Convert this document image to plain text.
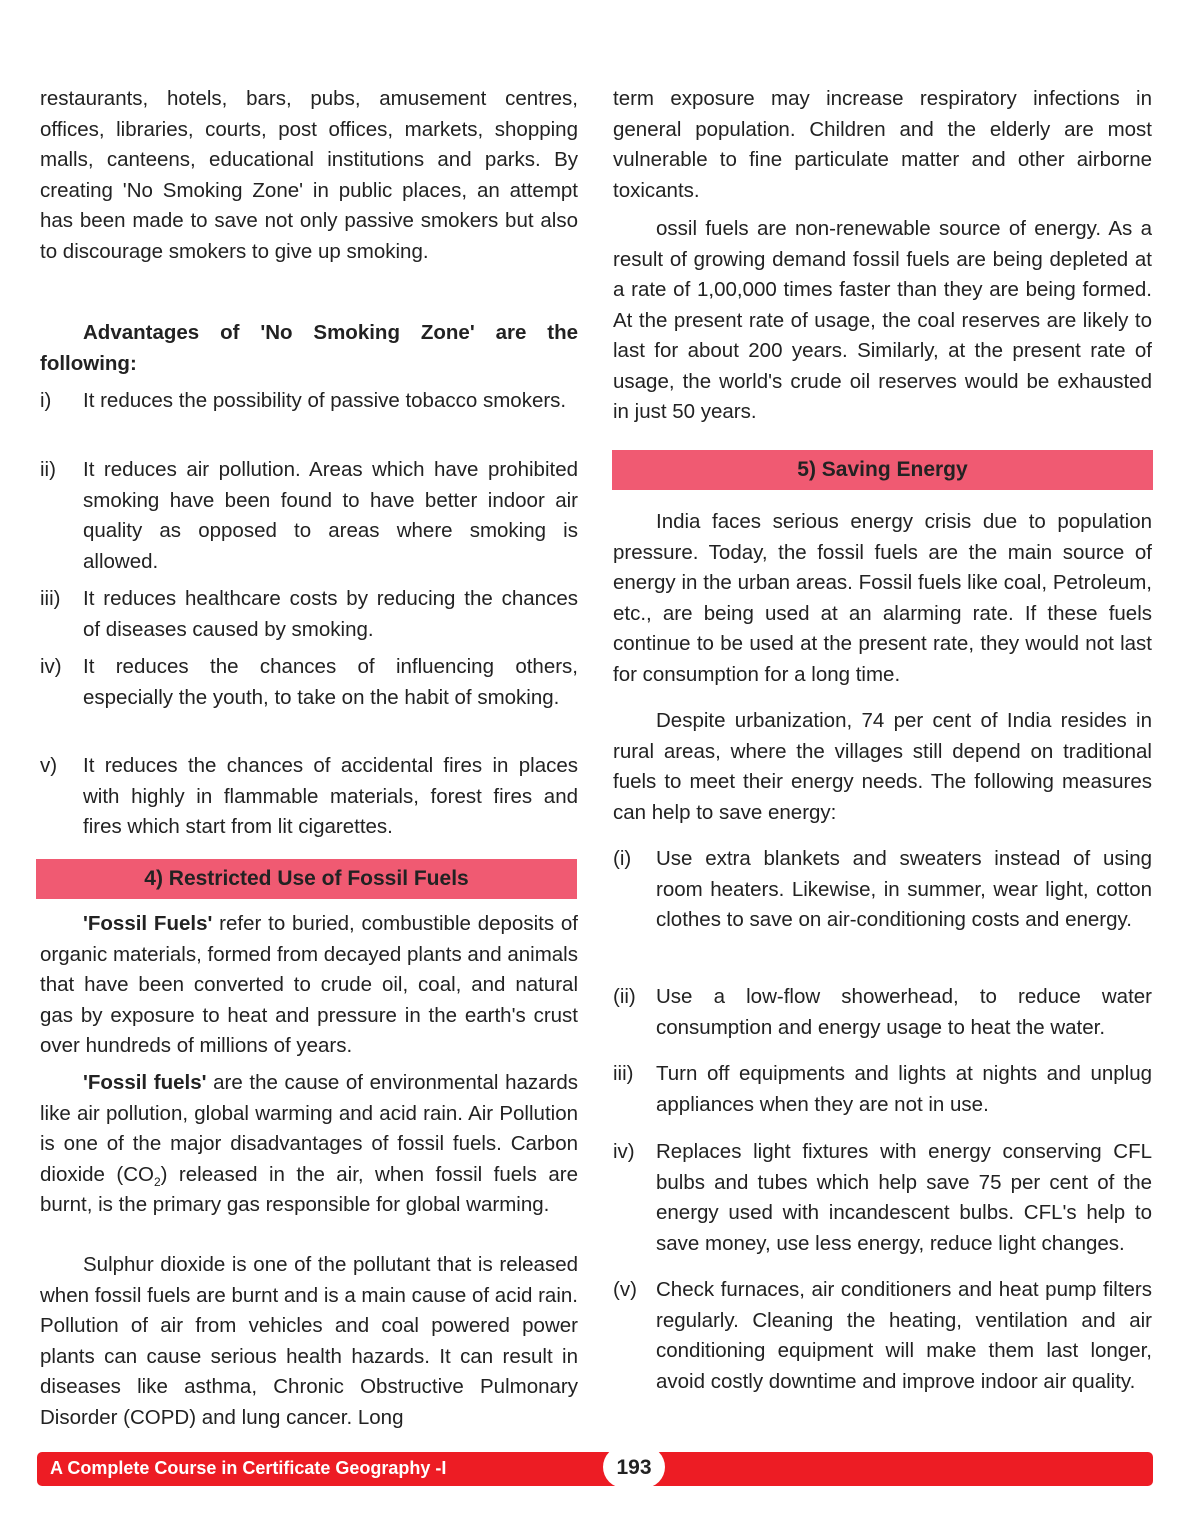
restaurants, hotels, bars, pubs, amusement centres, offices, libraries, courts, post offices, markets, shopping malls, canteens, educational institutions and parks. By creating 'No Smoking Zone' in public places, an attempt has been made to save not only passive smokers but also to discourage smokers to give up smoking.
Advantages of 'No Smoking Zone' are the following:
i) It reduces the possibility of passive tobacco smokers.
ii) It reduces air pollution. Areas which have prohibited smoking have been found to have better indoor air quality as opposed to areas where smoking is allowed.
iii) It reduces healthcare costs by reducing the chances of diseases caused by smoking.
iv) It reduces the chances of influencing others, especially the youth, to take on the habit of smoking.
v) It reduces the chances of accidental fires in places with highly in flammable materials, forest fires and fires which start from lit cigarettes.
4) Restricted Use of Fossil Fuels
'Fossil Fuels' refer to buried, combustible deposits of organic materials, formed from decayed plants and animals that have been converted to crude oil, coal, and natural gas by exposure to heat and pressure in the earth's crust over hundreds of millions of years.
'Fossil fuels' are the cause of environmental hazards like air pollution, global warming and acid rain. Air Pollution is one of the major disadvantages of fossil fuels. Carbon dioxide $(CO_2)$ released in the air, when fossil fuels are burnt, is the primary gas responsible for global warming.
Sulphur dioxide is one of the pollutant that is released when fossil fuels are burnt and is a main cause of acid rain. Pollution of air from vehicles and coal powered power plants can cause serious health hazards. It can result in diseases like asthma, Chronic Obstructive Pulmonary Disorder (COPD) and lung cancer. Long
term exposure may increase respiratory infections in general population. Children and the elderly are most vulnerable to fine particulate matter and other airborne toxicants.
ossil fuels are non-renewable source of energy. As a result of growing demand fossil fuels are being depleted at a rate of 1,00,000 times faster than they are being formed. At the present rate of usage, the coal reserves are likely to last for about 200 years. Similarly, at the present rate of usage, the world's crude oil reserves would be exhausted in just 50 years.
5) Saving Energy
India faces serious energy crisis due to population pressure. Today, the fossil fuels are the main source of energy in the urban areas. Fossil fuels like coal, Petroleum, etc., are being used at an alarming rate. If these fuels continue to be used at the present rate, they would not last for consumption for a long time.
Despite urbanization, 74 per cent of India resides in rural areas, where the villages still depend on traditional fuels to meet their energy needs. The following measures can help to save energy:
(i) Use extra blankets and sweaters instead of using room heaters. Likewise, in summer, wear light, cotton clothes to save on air-conditioning costs and energy.
(ii) Use a low-flow showerhead, to reduce water consumption and energy usage to heat the water.
iii) Turn off equipments and lights at nights and unplug appliances when they are not in use.
iv) Replaces light fixtures with energy conserving CFL bulbs and tubes which help save 75 per cent of the energy used with incandescent bulbs. CFL's help to save money, use less energy, reduce light changes.
(v) Check furnaces, air conditioners and heat pump filters regularly. Cleaning the heating, ventilation and air conditioning equipment will make them last longer, avoid costly downtime and improve indoor air quality.
A Complete Course in Certificate Geography -I	193
